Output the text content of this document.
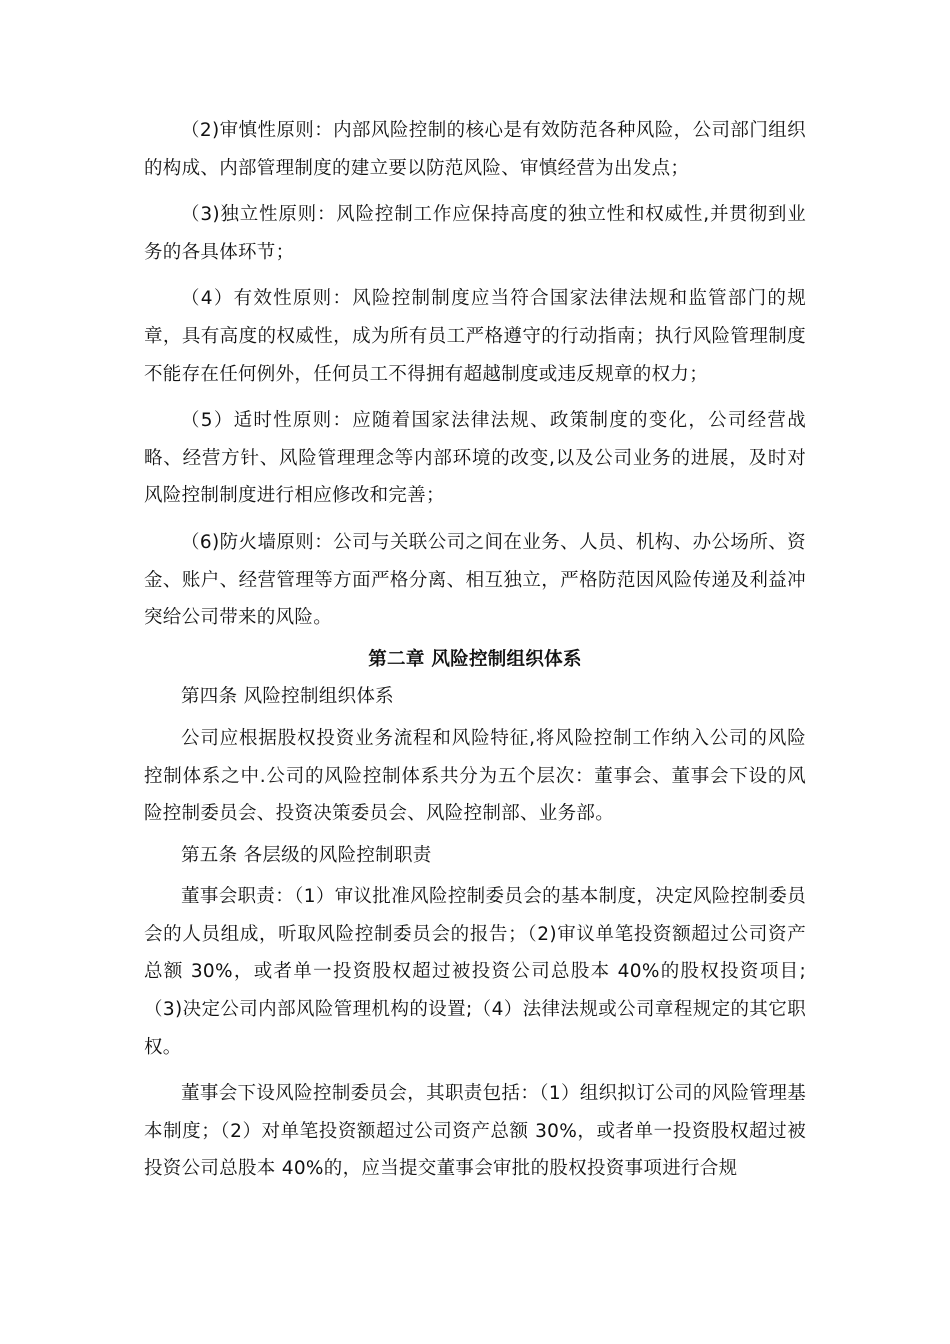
（2)审慎性原则：内部风险控制的核心是有效防范各种风险，公司部门组织的构成、内部管理制度的建立要以防范风险、审慎经营为出发点；

（3)独立性原则：风险控制工作应保持高度的独立性和权威性,并贯彻到业务的各具体环节；

（4）有效性原则：风险控制制度应当符合国家法律法规和监管部门的规章，具有高度的权威性，成为所有员工严格遵守的行动指南；执行风险管理制度不能存在任何例外，任何员工不得拥有超越制度或违反规章的权力；

（5）适时性原则：应随着国家法律法规、政策制度的变化，公司经营战略、经营方针、风险管理理念等内部环境的改变,以及公司业务的进展，及时对风险控制制度进行相应修改和完善；

（6)防火墙原则：公司与关联公司之间在业务、人员、机构、办公场所、资金、账户、经营管理等方面严格分离、相互独立，严格防范因风险传递及利益冲突给公司带来的风险。

第二章 风险控制组织体系

第四条 风险控制组织体系

公司应根据股权投资业务流程和风险特征,将风险控制工作纳入公司的风险控制体系之中.公司的风险控制体系共分为五个层次：董事会、董事会下设的风险控制委员会、投资决策委员会、风险控制部、业务部。

第五条 各层级的风险控制职责

董事会职责：（1）审议批准风险控制委员会的基本制度，决定风险控制委员会的人员组成，听取风险控制委员会的报告；（2)审议单笔投资额超过公司资产总额 30%，或者单一投资股权超过被投资公司总股本 40%的股权投资项目;（3)决定公司内部风险管理机构的设置;（4）法律法规或公司章程规定的其它职权。

董事会下设风险控制委员会，其职责包括：（1）组织拟订公司的风险管理基本制度；（2）对单笔投资额超过公司资产总额 30%，或者单一投资股权超过被投资公司总股本 40%的，应当提交董事会审批的股权投资事项进行合规
